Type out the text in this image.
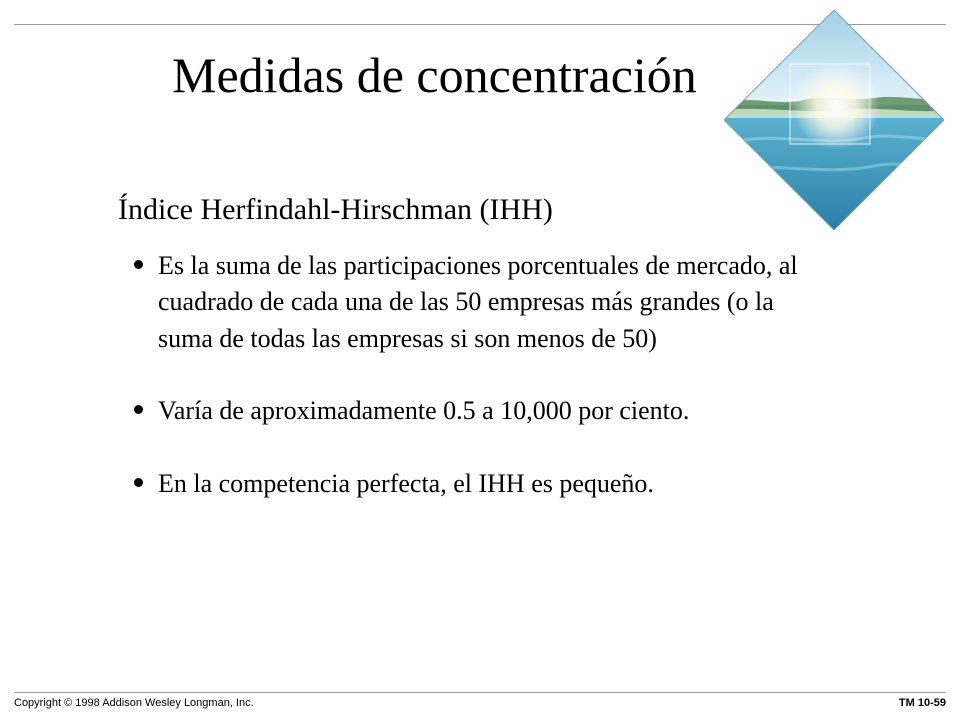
Medidas de concentración
Índice Herfindahl-Hirschman (IHH)
Es la suma de las participaciones porcentuales de mercado, al cuadrado de cada una de las 50 empresas más grandes (o la suma de todas las empresas si son menos de 50)
Varía de aproximadamente 0.5 a 10,000 por ciento.
En la competencia perfecta, el IHH es pequeño.
Copyright © 1998 Addison Wesley Longman, Inc.	TM 10-59
